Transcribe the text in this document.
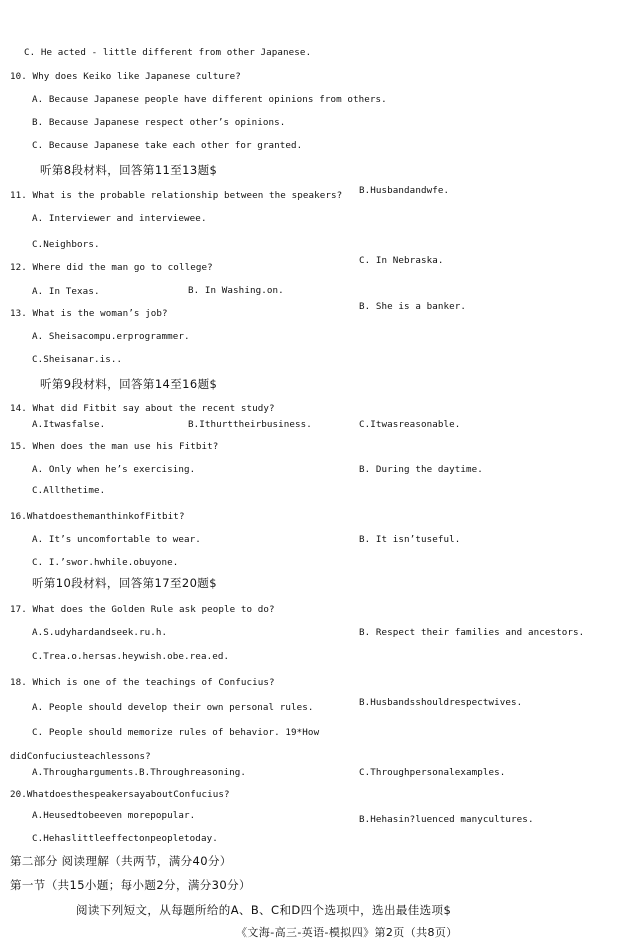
C. He acted - little different from other Japanese.
10. Why does Keiko like Japanese culture?
A. Because Japanese people have different opinions from others.
B. Because Japanese respect other’s opinions.
C. Because Japanese take each other for granted.
听第8段材料，回答第11至13题$
11. What is the probable relationship between the speakers? B.Husbandandwfe.
A. Interviewer and interviewee.
C.Neighbors.
C. In Nebraska.
12. Where did the man go to college?
A. In Texas.	B. In Washing.on.
B. She is a banker.
13. What is the woman’s job?
A. Sheisacompu.erprogrammer.
C.Sheisanar.is..
听第9段材料，回答第14至16题$
14. What did Fitbit say about the recent study?
A.Itwasfalse.	B.Ithurttheirbusiness.	C.Itwasreasonable.
15. When does the man use his Fitbit?
A. Only when he’s exercising.	B. During the daytime.
C.Allthetime.
16.WhatdoesthemanthinkofFitbit?
A. It’s uncomfortable to wear.	B. It isn’tuseful.
C. I.’swor.hwhile.obuyone.
听第10段材料，回答第17至20题$
17. What does the Golden Rule ask people to do?
A.S.udyhardandseek.ru.h.	B. Respect their families and ancestors.
C.Trea.o.hersas.heywish.obe.rea.ed.
18. Which is one of the teachings of Confucius?
B.Husbandsshouldrespectwives.
A. People should develop their own personal rules.
C. People should memorize rules of behavior. 19*How
didConfuciusteachlessons?
A.Througharguments.B.Throughreasoning.	C.Throughpersonalexamples.
20.WhatdoesthespeakersayaboutConfucius?
A.Heusedtobeeven morepopular.	B.Hehasin?luenced manycultures.
C.Hehaslittleeffectonpeopletoday.
第二部分 阅读理解（共两节，满分40分）
第一节（共15小题；每小题2分，满分30分）
阅读下列短文，从每题所给的A、B、C和D四个选项中，选出最佳选项$
《文海-高三-英语-模拟四》第2页（共8页）
